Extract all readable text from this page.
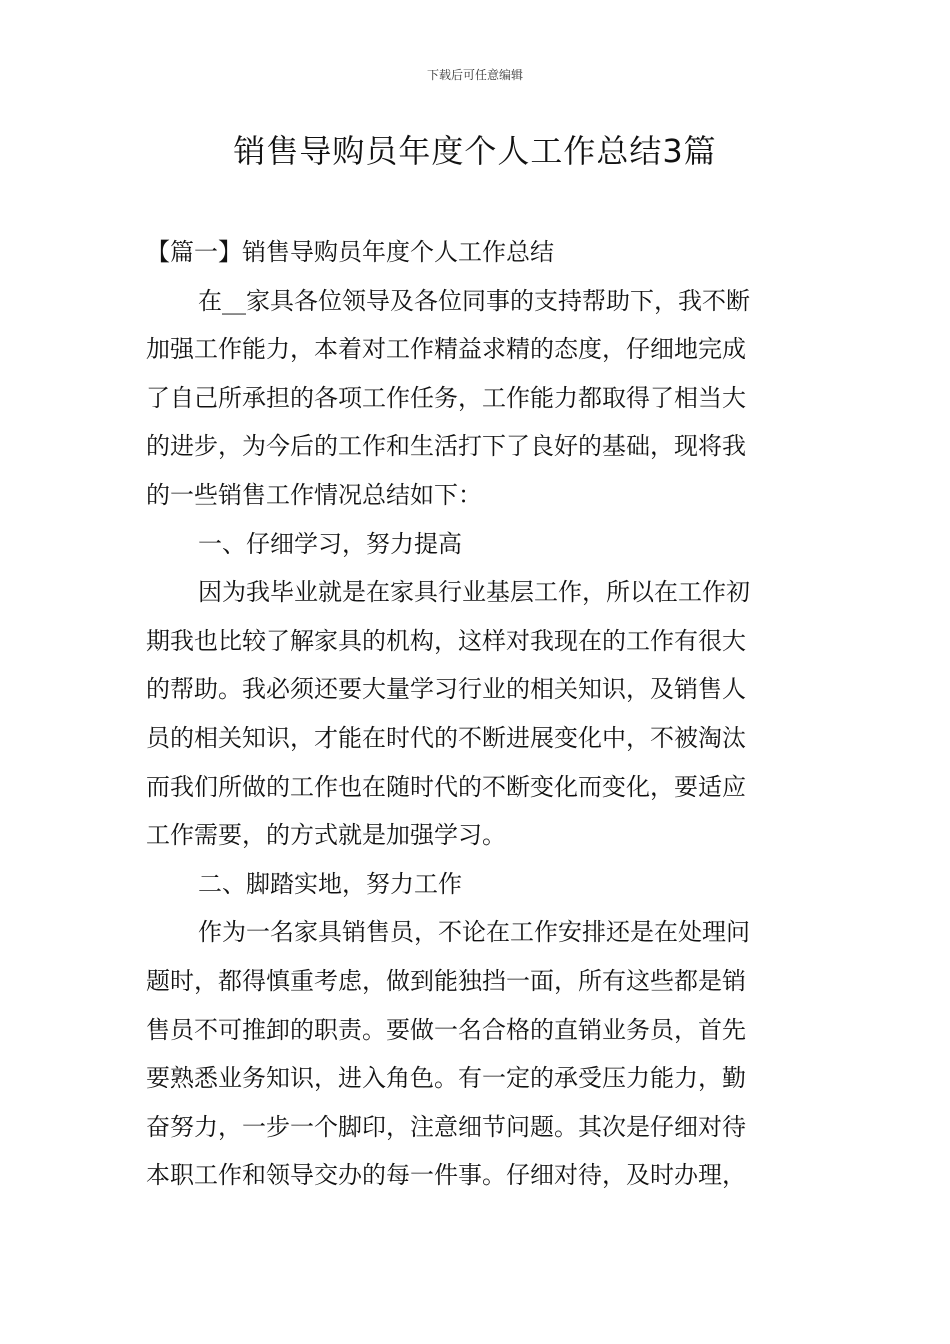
下载后可任意编辑
销售导购员年度个人工作总结3篇
【篇一】销售导购员年度个人工作总结
在__家具各位领导及各位同事的支持帮助下，我不断
加强工作能力，本着对工作精益求精的态度，仔细地完成
了自己所承担的各项工作任务，工作能力都取得了相当大
的进步，为今后的工作和生活打下了良好的基础，现将我
的一些销售工作情况总结如下：
一、仔细学习，努力提高
因为我毕业就是在家具行业基层工作，所以在工作初
期我也比较了解家具的机构，这样对我现在的工作有很大
的帮助。我必须还要大量学习行业的相关知识，及销售人
员的相关知识，才能在时代的不断进展变化中，不被淘汰
而我们所做的工作也在随时代的不断变化而变化，要适应
工作需要，的方式就是加强学习。
二、脚踏实地，努力工作
作为一名家具销售员，不论在工作安排还是在处理问
题时，都得慎重考虑，做到能独挡一面，所有这些都是销
售员不可推卸的职责。要做一名合格的直销业务员，首先
要熟悉业务知识，进入角色。有一定的承受压力能力，勤
奋努力，一步一个脚印，注意细节问题。其次是仔细对待
本职工作和领导交办的每一件事。仔细对待，及时办理，
